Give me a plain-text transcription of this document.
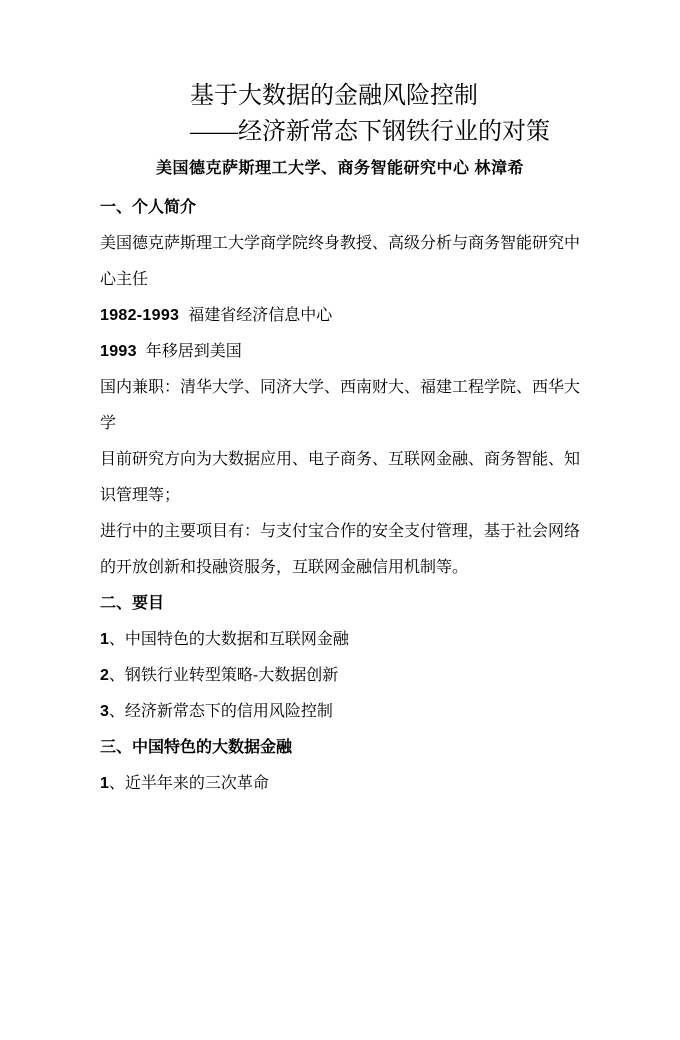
基于大数据的金融风险控制
——经济新常态下钢铁行业的对策
美国德克萨斯理工大学、商务智能研究中心 林漳希

一、个人简介

美国德克萨斯理工大学商学院终身教授、高级分析与商务智能研究中心主任

1982-1993 福建省经济信息中心

1993 年移居到美国

国内兼职：清华大学、同济大学、西南财大、福建工程学院、西华大学

目前研究方向为大数据应用、电子商务、互联网金融、商务智能、知识管理等；

进行中的主要项目有：与支付宝合作的安全支付管理，基于社会网络的开放创新和投融资服务，互联网金融信用机制等。

二、要目

1、中国特色的大数据和互联网金融

2、钢铁行业转型策略-大数据创新

3、经济新常态下的信用风险控制

三、中国特色的大数据金融

1、近半年来的三次革命
